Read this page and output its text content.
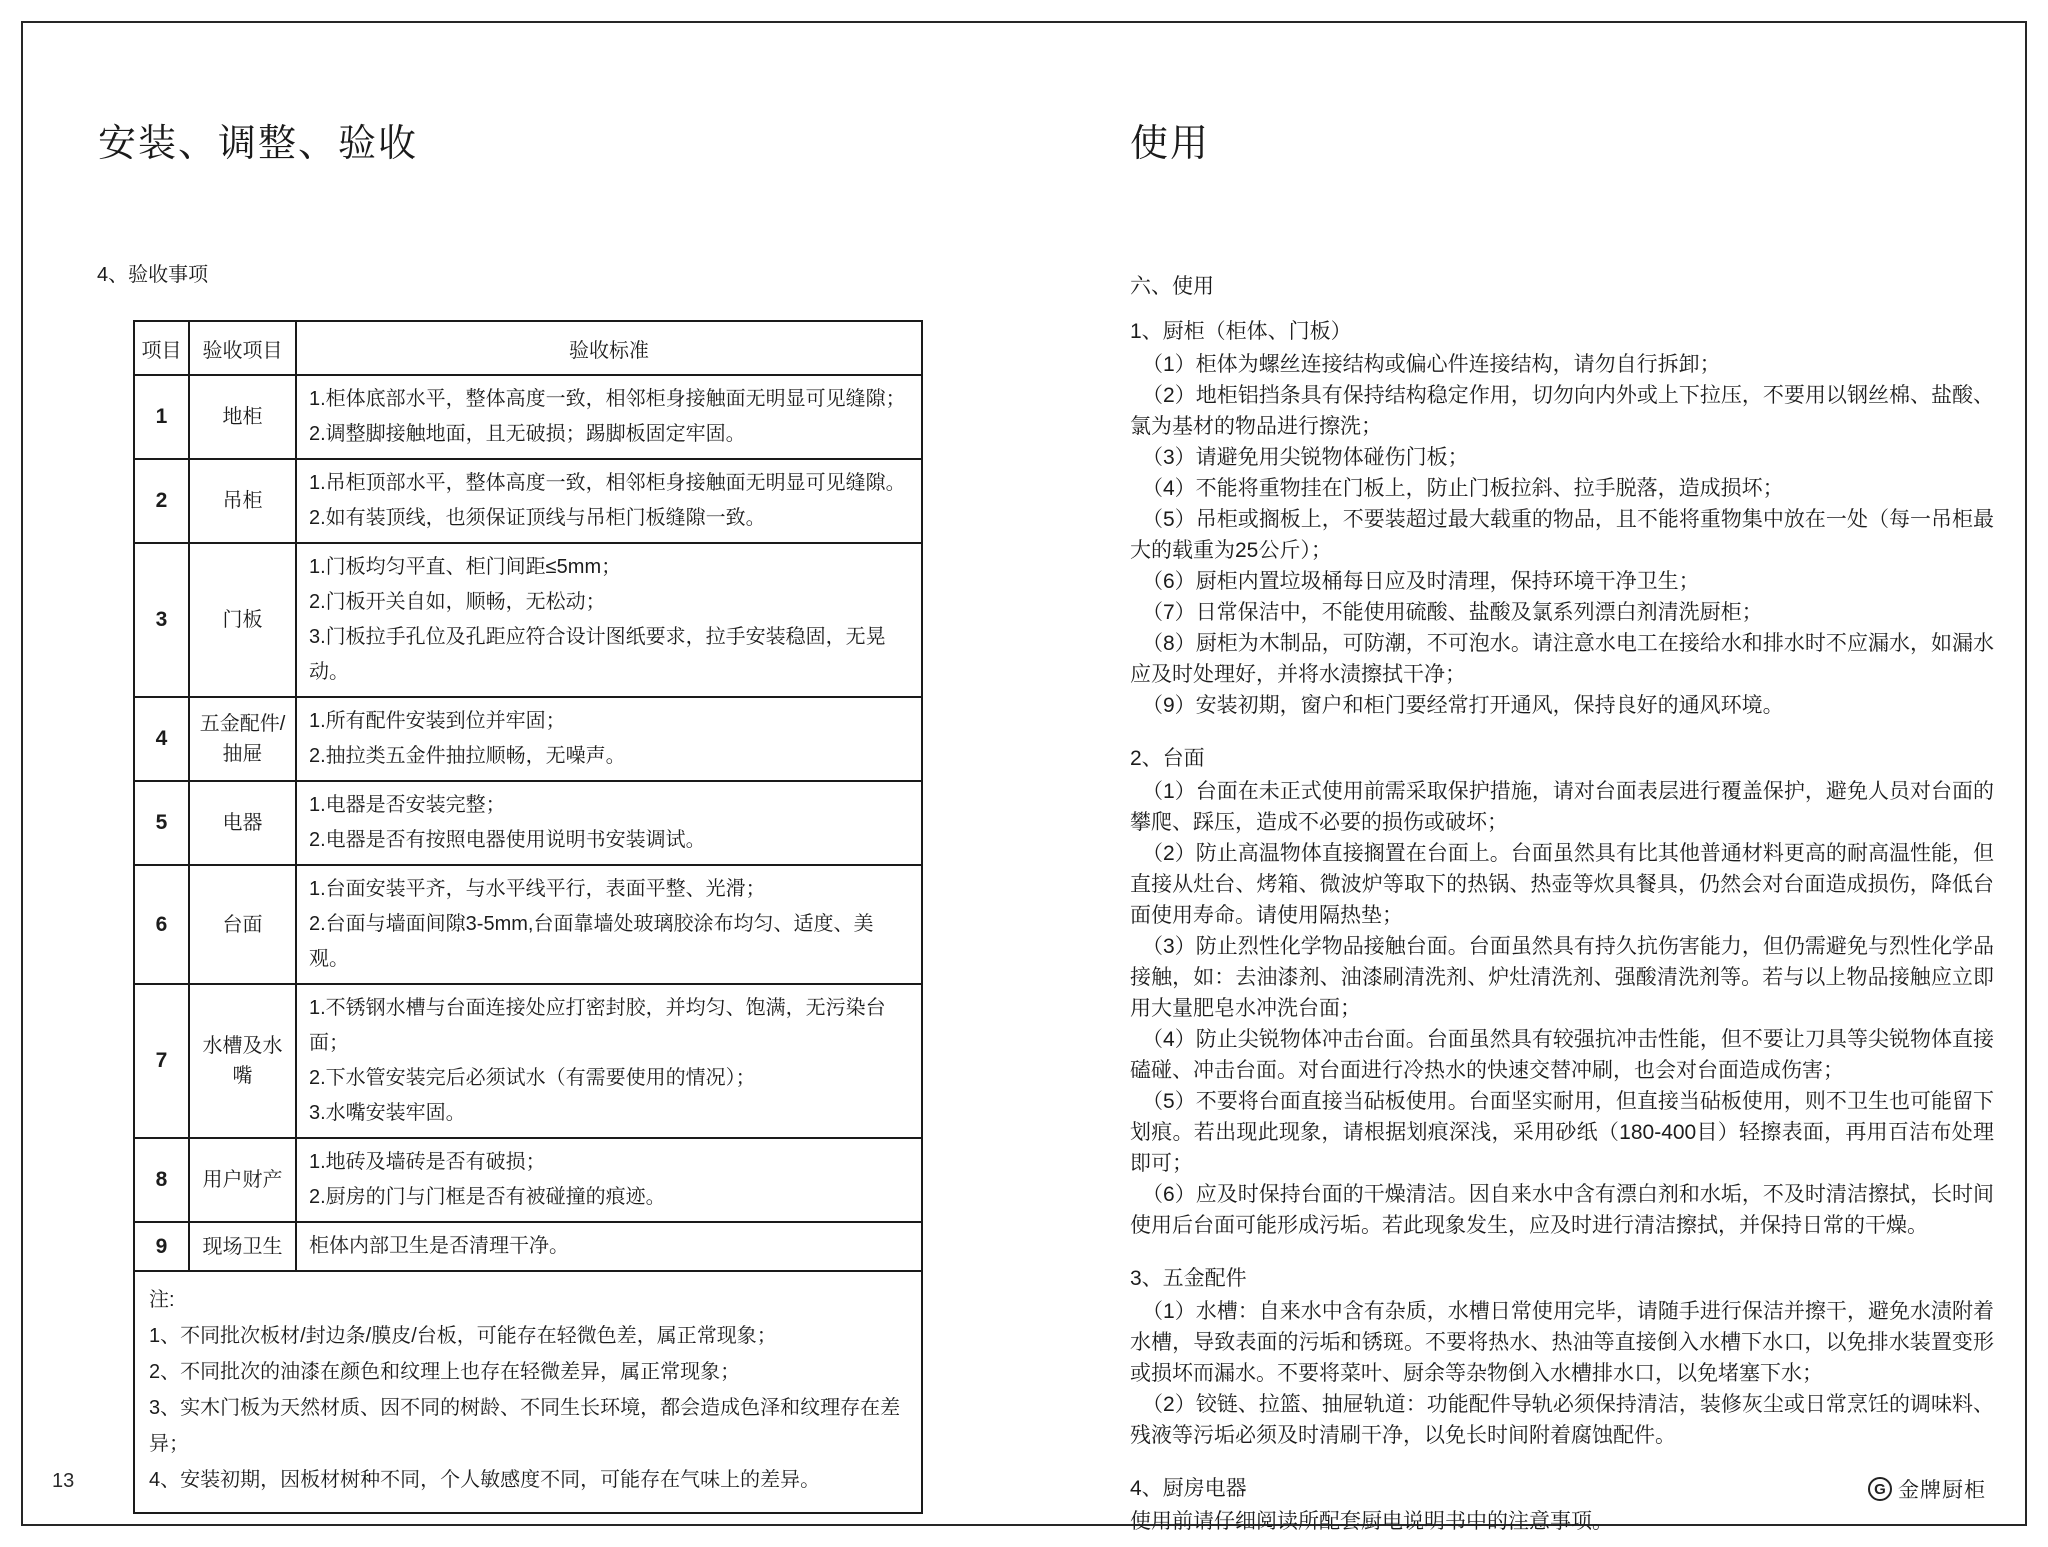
安装、调整、验收
4、验收事项
项目	验收项目	验收标准
1	地柜	1.柜体底部水平，整体高度一致，相邻柜身接触面无明显可见缝隙；
2.调整脚接触地面，且无破损；踢脚板固定牢固。

2	吊柜	1.吊柜顶部水平，整体高度一致，相邻柜身接触面无明显可见缝隙。
2.如有装顶线，也须保证顶线与吊柜门板缝隙一致。

3	门板	1.门板均匀平直、柜门间距≤5mm；
2.门板开关自如，顺畅，无松动；
3.门板拉手孔位及孔距应符合设计图纸要求，拉手安装稳固，无晃动。

4	五金配件/抽屉	1.所有配件安装到位并牢固；
2.抽拉类五金件抽拉顺畅，无噪声。

5	电器	1.电器是否安装完整；
2.电器是否有按照电器使用说明书安装调试。

6	台面	1.台面安装平齐，与水平线平行，表面平整、光滑；
2.台面与墙面间隙3-5mm,台面靠墙处玻璃胶涂布均匀、适度、美观。

7	水槽及水嘴	1.不锈钢水槽与台面连接处应打密封胶，并均匀、饱满，无污染台面；
2.下水管安装完后必须试水（有需要使用的情况）；
3.水嘴安装牢固。

8	用户财产	1.地砖及墙砖是否有破损；
2.厨房的门与门框是否有被碰撞的痕迹。

9	现场卫生	柜体内部卫生是否清理干净。

注:
1、不同批次板材/封边条/膜皮/台板，可能存在轻微色差，属正常现象；
2、不同批次的油漆在颜色和纹理上也存在轻微差异，属正常现象；
3、实木门板为天然材质、因不同的树龄、不同生长环境，都会造成色泽和纹理存在差异；
4、安装初期，因板材树种不同，个人敏感度不同，可能存在气味上的差异。		
13
使用
六、使用
1、厨柜（柜体、门板）

（1）柜体为螺丝连接结构或偏心件连接结构，请勿自行拆卸；

（2）地柜铝挡条具有保持结构稳定作用，切勿向内外或上下拉压，不要用以钢丝棉、盐酸、氯为基材的物品进行擦洗；

（3）请避免用尖锐物体碰伤门板；

（4）不能将重物挂在门板上，防止门板拉斜、拉手脱落，造成损坏；

（5）吊柜或搁板上，不要装超过最大载重的物品，且不能将重物集中放在一处（每一吊柜最大的载重为25公斤）；

（6）厨柜内置垃圾桶每日应及时清理，保持环境干净卫生；

（7）日常保洁中，不能使用硫酸、盐酸及氯系列漂白剂清洗厨柜；

（8）厨柜为木制品，可防潮，不可泡水。请注意水电工在接给水和排水时不应漏水，如漏水应及时处理好，并将水渍擦拭干净；

（9）安装初期，窗户和柜门要经常打开通风，保持良好的通风环境。

2、台面

（1）台面在未正式使用前需采取保护措施，请对台面表层进行覆盖保护，避免人员对台面的攀爬、踩压，造成不必要的损伤或破坏；

（2）防止高温物体直接搁置在台面上。台面虽然具有比其他普通材料更高的耐高温性能，但直接从灶台、烤箱、微波炉等取下的热锅、热壶等炊具餐具，仍然会对台面造成损伤，降低台面使用寿命。请使用隔热垫；

（3）防止烈性化学物品接触台面。台面虽然具有持久抗伤害能力，但仍需避免与烈性化学品接触，如：去油漆剂、油漆刷清洗剂、炉灶清洗剂、强酸清洗剂等。若与以上物品接触应立即用大量肥皂水冲洗台面；

（4）防止尖锐物体冲击台面。台面虽然具有较强抗冲击性能，但不要让刀具等尖锐物体直接磕碰、冲击台面。对台面进行冷热水的快速交替冲刷，也会对台面造成伤害；

（5）不要将台面直接当砧板使用。台面坚实耐用，但直接当砧板使用，则不卫生也可能留下划痕。若出现此现象，请根据划痕深浅，采用砂纸（180-400目）轻擦表面，再用百洁布处理即可；

（6）应及时保持台面的干燥清洁。因自来水中含有漂白剂和水垢，不及时清洁擦拭，长时间使用后台面可能形成污垢。若此现象发生，应及时进行清洁擦拭，并保持日常的干燥。

3、五金配件

（1）水槽：自来水中含有杂质，水槽日常使用完毕，请随手进行保洁并擦干，避免水渍附着水槽，导致表面的污垢和锈斑。不要将热水、热油等直接倒入水槽下水口，以免排水装置变形或损坏而漏水。不要将菜叶、厨余等杂物倒入水槽排水口，以免堵塞下水；

（2）铰链、拉篮、抽屉轨道：功能配件导轨必须保持清洁，装修灰尘或日常烹饪的调味料、残液等污垢必须及时清刷干净，以免长时间附着腐蚀配件。

4、厨房电器

使用前请仔细阅读所配套厨电说明书中的注意事项。

G 金牌厨柜
